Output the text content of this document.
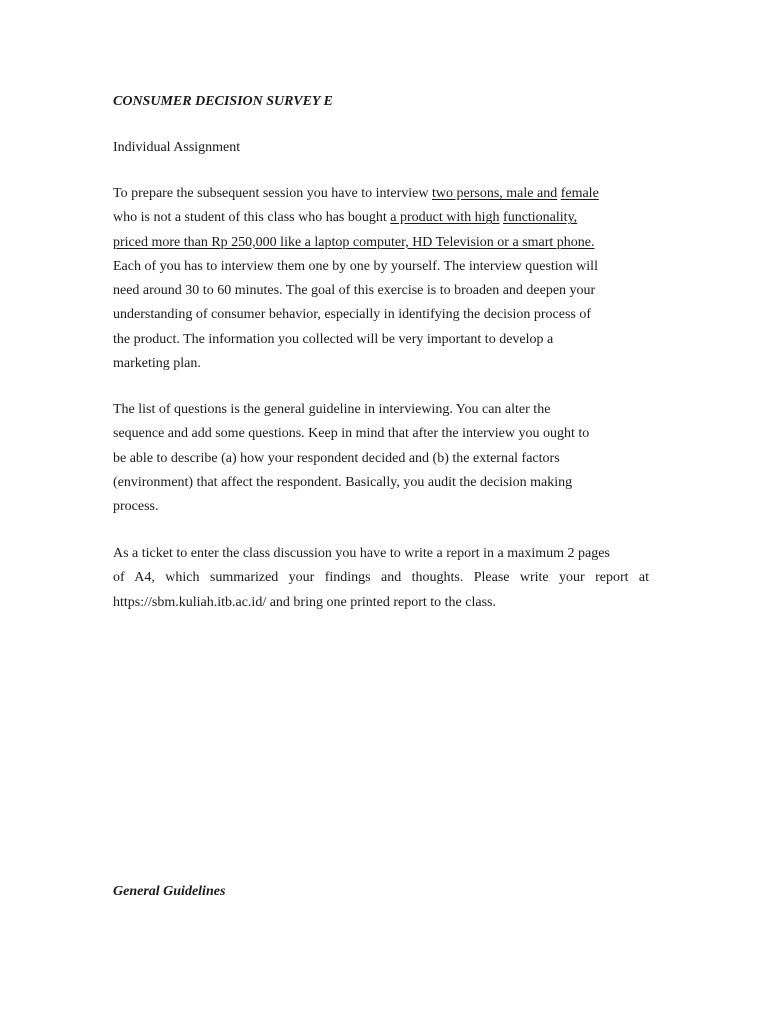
CONSUMER DECISION SURVEY E

Individual Assignment

To prepare the subsequent session you have to interview two persons, male and female
who is not a student of this class who has bought a product with high functionality,
priced more than Rp 250,000 like a laptop computer, HD Television or a smart phone.
Each of you has to interview them one by one by yourself. The interview question will
need around 30 to 60 minutes. The goal of this exercise is to broaden and deepen your
understanding of consumer behavior, especially in identifying the decision process of
the product. The information you collected will be very important to develop a
marketing plan.

The list of questions is the general guideline in interviewing. You can alter the
sequence and add some questions. Keep in mind that after the interview you ought to
be able to describe (a) how your respondent decided and (b) the external factors
(environment) that affect the respondent. Basically, you audit the decision making
process.

As a ticket to enter the class discussion you have to write a report in a maximum 2 pages
of A4, which summarized your findings and thoughts. Please write your report at
https://sbm.kuliah.itb.ac.id/ and bring one printed report to the class.

General Guidelines
